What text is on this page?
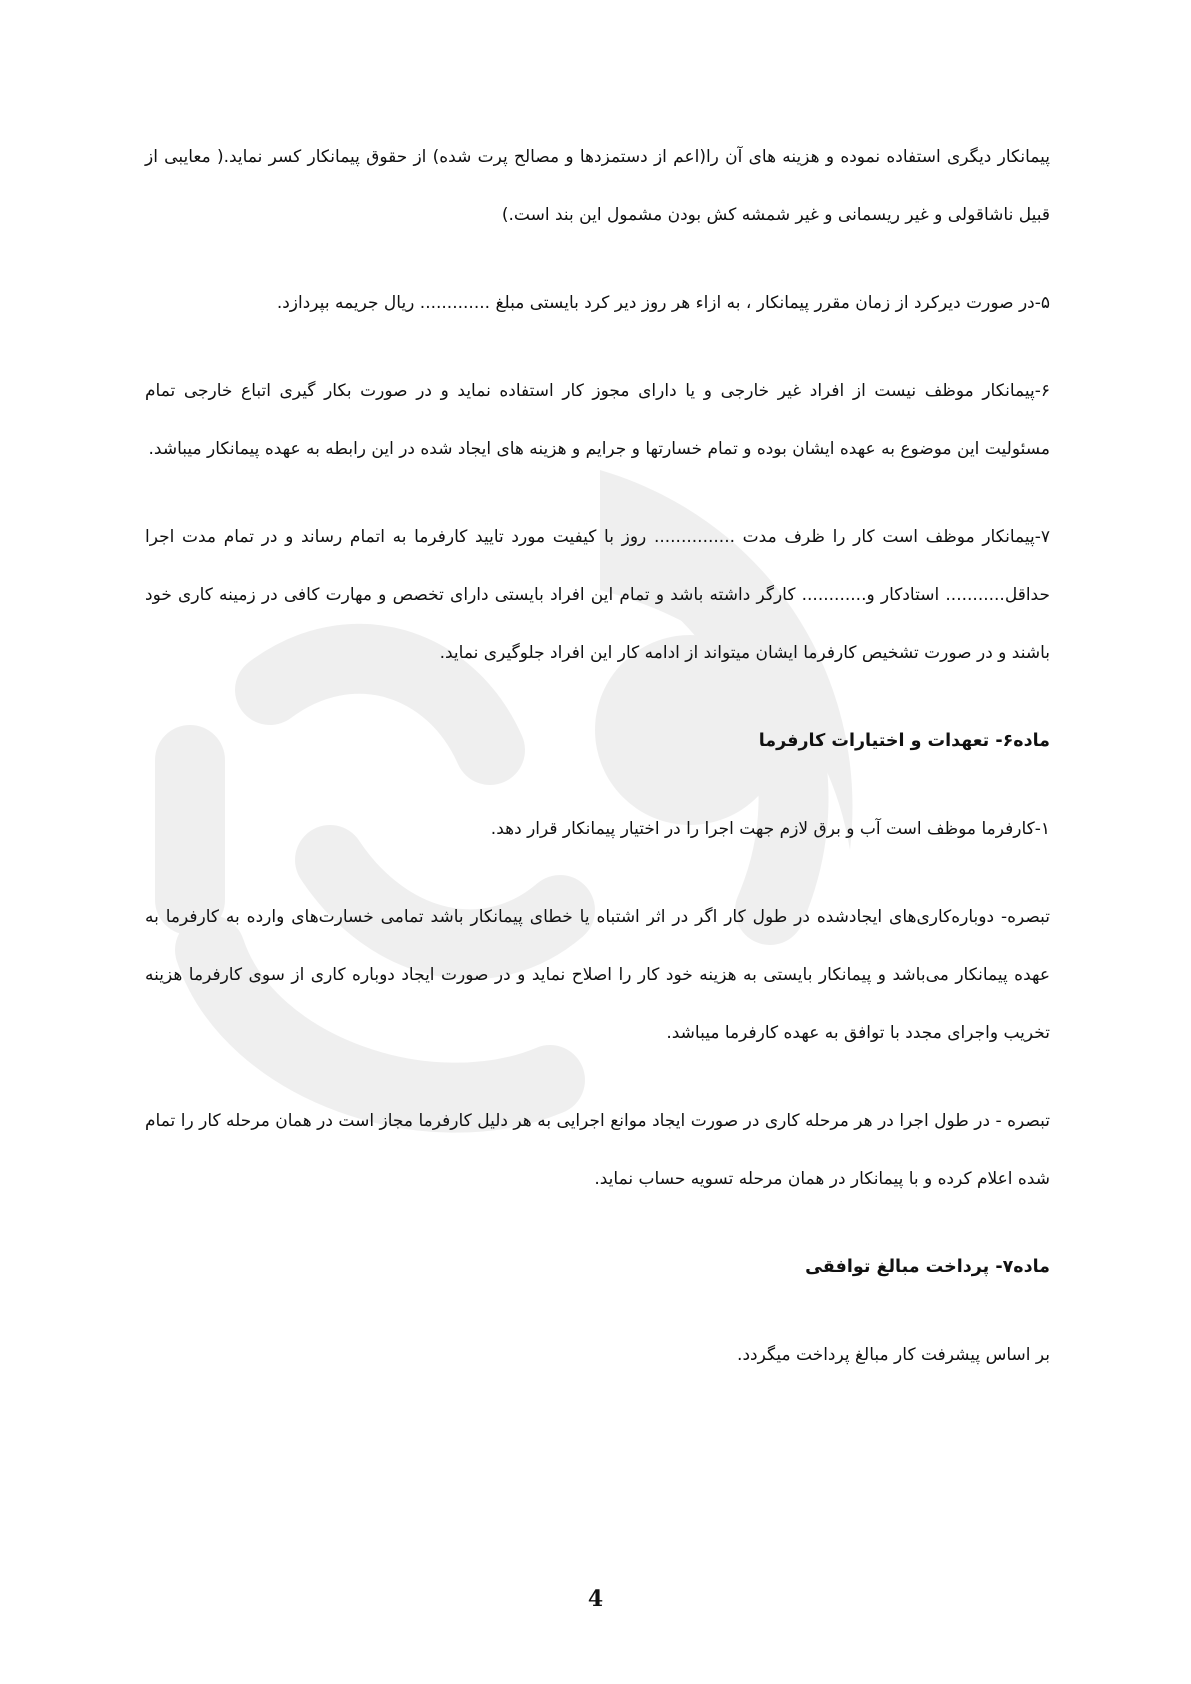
پیمانکار دیگری استفاده نموده و هزینه های آن را(اعم از دستمزدها و مصالح پرت شده) از حقوق پیمانکار کسر نماید.( معایبی از قبیل ناشاقولی و غیر ریسمانی و غیر شمشه کش بودن مشمول این بند است.)

۵-در صورت دیرکرد از زمان مقرر پیمانکار ، به ازاء هر روز دیر کرد بایستی مبلغ ............. ریال جریمه بپردازد.

۶-پیمانکار موظف نیست از افراد غیر خارجی و یا دارای مجوز کار استفاده نماید و در صورت بکار گیری اتباع خارجی تمام مسئولیت این موضوع به عهده ایشان بوده و تمام خسارتها و جرایم و هزینه های ایجاد شده در این رابطه به عهده پیمانکار میباشد.

۷-پیمانکار موظف است کار را ظرف مدت ............... روز با کیفیت مورد تایید کارفرما به اتمام رساند و در تمام مدت اجرا حداقل........... استادکار و............ کارگر داشته باشد و تمام این افراد بایستی دارای تخصص و مهارت کافی در زمینه کاری خود باشند و در صورت تشخیص کارفرما ایشان میتواند از ادامه کار این افراد جلوگیری نماید.

ماده۶- تعهدات و اختیارات کارفرما

۱-کارفرما موظف است آب و برق لازم جهت اجرا را در اختیار پیمانکار قرار دهد.

تبصره- دوباره‌کاری‌های ایجادشده در طول کار اگر در اثر اشتباه یا خطای پیمانکار باشد تمامی خسارت‌های وارده به کارفرما به عهده پیمانکار می‌باشد و پیمانکار بایستی به هزینه خود کار را اصلاح نماید و در صورت ایجاد دوباره کاری از سوی کارفرما هزینه تخریب واجرای مجدد با توافق به عهده کارفرما میباشد.

تبصره - در طول اجرا در هر مرحله کاری در صورت ایجاد موانع اجرایی به هر دلیل کارفرما مجاز است در همان مرحله کار را تمام شده اعلام کرده و با پیمانکار در همان مرحله تسویه حساب نماید.

ماده۷- پرداخت مبالغ توافقی

بر اساس پیشرفت کار مبالغ پرداخت میگردد.

4
